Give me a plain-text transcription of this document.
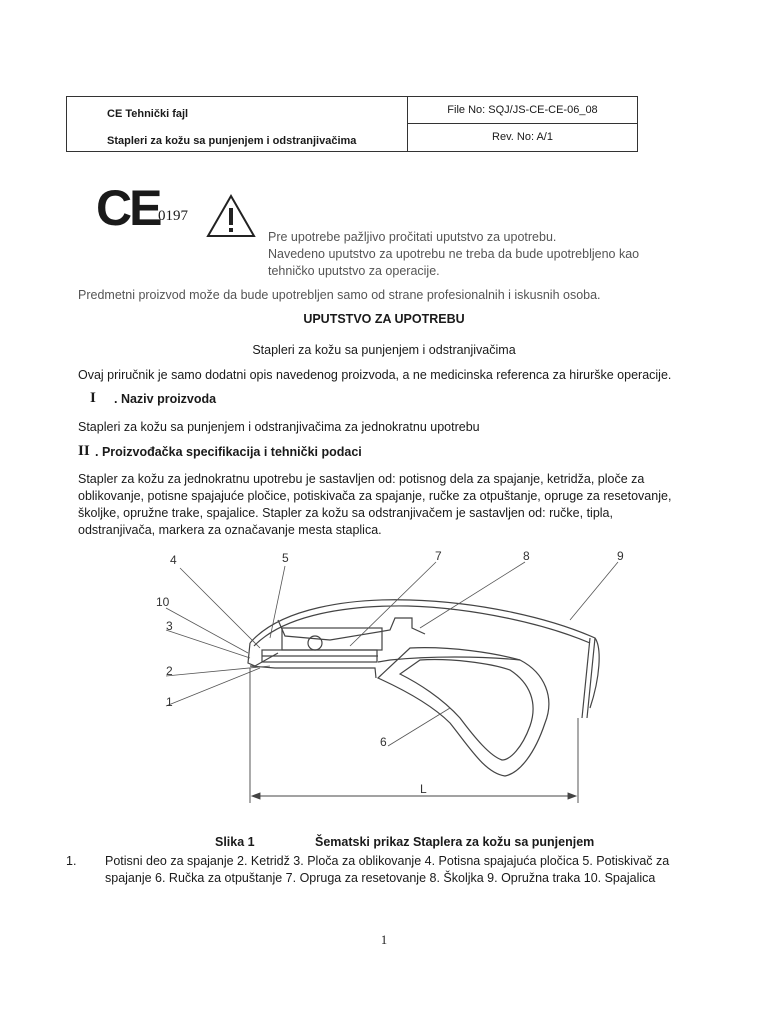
CE Tehnički fajl
Stapleri za kožu sa punjenjem i odstranjivačima
File No: SQJ/JS-CE-CE-06_08
Rev. No: A/1
CE
0197
Pre upotrebe pažljivo pročitati uputstvo za upotrebu.
Navedeno uputstvo za upotrebu ne treba da bude upotrebljeno kao
tehničko uputstvo za operacije.
Predmetni proizvod može da bude upotrebljen samo od strane profesionalnih i iskusnih osoba.
UPUTSTVO ZA UPOTREBU
Stapleri za kožu sa punjenjem i odstranjivačima
Ovaj priručnik je samo dodatni opis navedenog proizvoda, a ne medicinska referenca za hirurške operacije.
I . Naziv proizvoda
Stapleri za kožu sa punjenjem i odstranjivačima za jednokratnu upotrebu
II . Proizvođačka specifikacija i tehnički podaci
Stapler za kožu za jednokratnu upotrebu je sastavljen od: potisnog dela za spajanje, ketridža, ploče za
oblikovanje, potisne spajajuće pločice, potiskivača za spajanje, ručke za otpuštanje, opruge za resetovanje,
školjke, opružne trake, spajalice. Stapler za kožu sa odstranjivačem je sastavljen od: ručke, tipla,
odstranjivača, markera za označavanje mesta staplica.
4	5	7	8	9
10
3
2
1
6
L
Slika 1	Šematski prikaz Staplera za kožu sa punjenjem
1. Potisni deo za spajanje 2. Ketridž 3. Ploča za oblikovanje 4. Potisna spajajuća pločica 5. Potiskivač za
spajanje 6. Ručka za otpuštanje 7. Opruga za resetovanje 8. Školjka 9. Opružna traka 10. Spajalica
1
